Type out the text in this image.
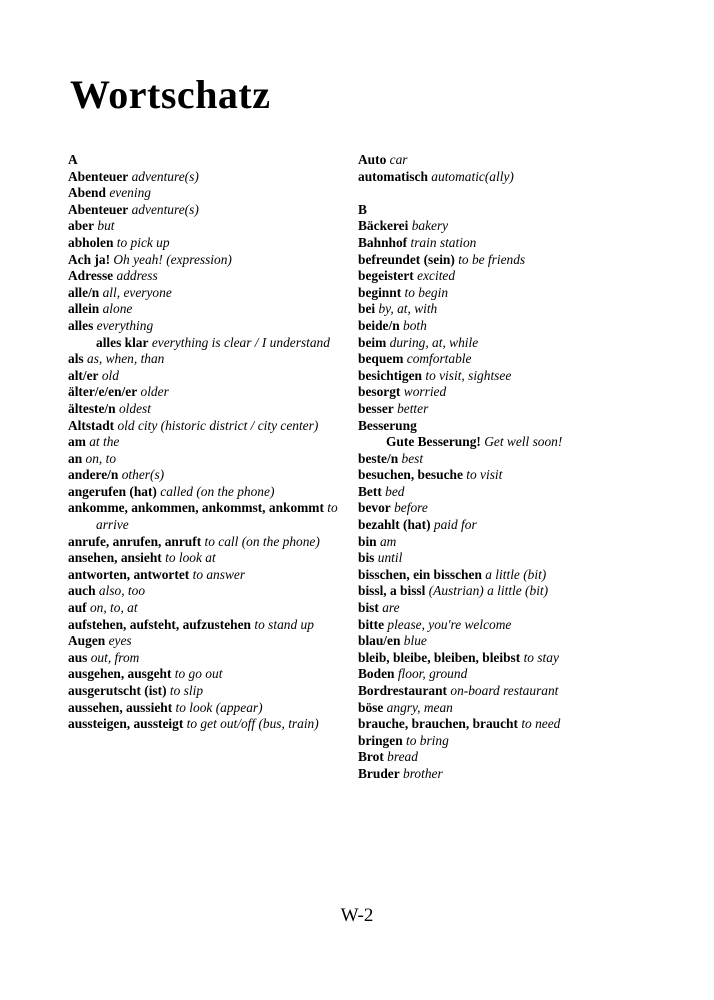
Wortschatz
A
Abenteuer adventure(s)
Abend evening
Abenteuer adventure(s)
aber but
abholen to pick up
Ach ja! Oh yeah! (expression)
Adresse address
alle/n all, everyone
allein alone
alles everything
alles klar everything is clear / I understand
als as, when, than
alt/er old
älter/e/en/er older
älteste/n oldest
Altstadt old city (historic district / city center)
am at the
an on, to
andere/n other(s)
angerufen (hat) called (on the phone)
ankomme, ankommen, ankommst, ankommt to arrive
anrufe, anrufen, anruft to call (on the phone)
ansehen, ansieht to look at
antworten, antwortet to answer
auch also, too
auf on, to, at
aufstehen, aufsteht, aufzustehen to stand up
Augen eyes
aus out, from
ausgehen, ausgeht to go out
ausgerutscht (ist) to slip
aussehen, aussieht to look (appear)
aussteigen, aussteigt to get out/off (bus, train)
Auto car
automatisch automatic(ally)
B
Bäckerei bakery
Bahnhof train station
befreundet (sein) to be friends
begeistert excited
beginnt to begin
bei by, at, with
beide/n both
beim during, at, while
bequem comfortable
besichtigen to visit, sightsee
besorgt worried
besser better
Besserung
Gute Besserung! Get well soon!
beste/n best
besuchen, besuche to visit
Bett bed
bevor before
bezahlt (hat) paid for
bin am
bis until
bisschen, ein bisschen a little (bit)
bissl, a bissl (Austrian) a little (bit)
bist are
bitte please, you're welcome
blau/en blue
bleib, bleibe, bleiben, bleibst to stay
Boden floor, ground
Bordrestaurant on-board restaurant
böse angry, mean
brauche, brauchen, braucht to need
bringen to bring
Brot bread
Bruder brother
W-2
